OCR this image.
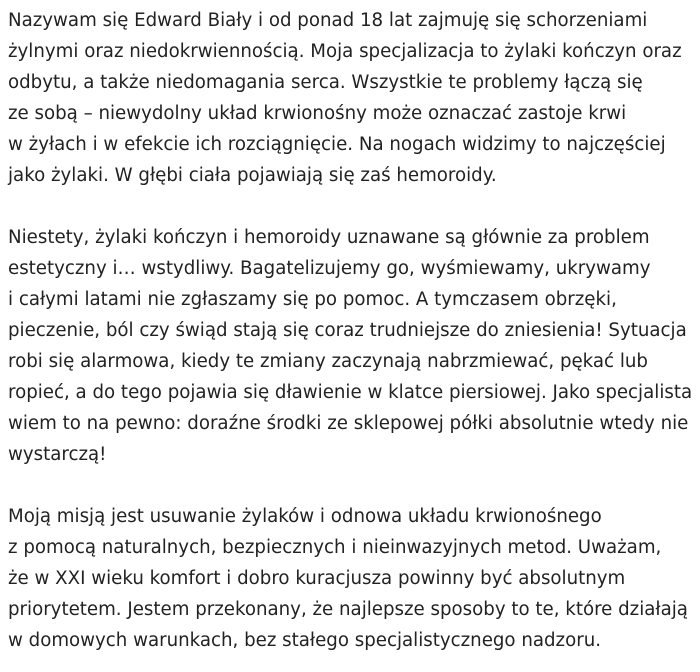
Nazywam się Edward Biały i od ponad 18 lat zajmuję się schorzeniami
żylnymi oraz niedokrwiennością. Moja specjalizacja to żylaki kończyn oraz
odbytu, a także niedomagania serca. Wszystkie te problemy łączą się
ze sobą – niewydolny układ krwionośny może oznaczać zastoje krwi
w żyłach i w efekcie ich rozciągnięcie. Na nogach widzimy to najczęściej
jako żylaki. W głębi ciała pojawiają się zaś hemoroidy.

Niestety, żylaki kończyn i hemoroidy uznawane są głównie za problem
estetyczny i… wstydliwy. Bagatelizujemy go, wyśmiewamy, ukrywamy
i całymi latami nie zgłaszamy się po pomoc. A tymczasem obrzęki,
pieczenie, ból czy świąd stają się coraz trudniejsze do zniesienia! Sytuacja
robi się alarmowa, kiedy te zmiany zaczynają nabrzmiewać, pękać lub
ropieć, a do tego pojawia się dławienie w klatce piersiowej. Jako specjalista
wiem to na pewno: doraźne środki ze sklepowej półki absolutnie wtedy nie
wystarczą!

Moją misją jest usuwanie żylaków i odnowa układu krwionośnego
z pomocą naturalnych, bezpiecznych i nieinwazyjnych metod. Uważam,
że w XXI wieku komfort i dobro kuracjusza powinny być absolutnym
priorytetem. Jestem przekonany, że najlepsze sposoby to te, które działają
w domowych warunkach, bez stałego specjalistycznego nadzoru.
